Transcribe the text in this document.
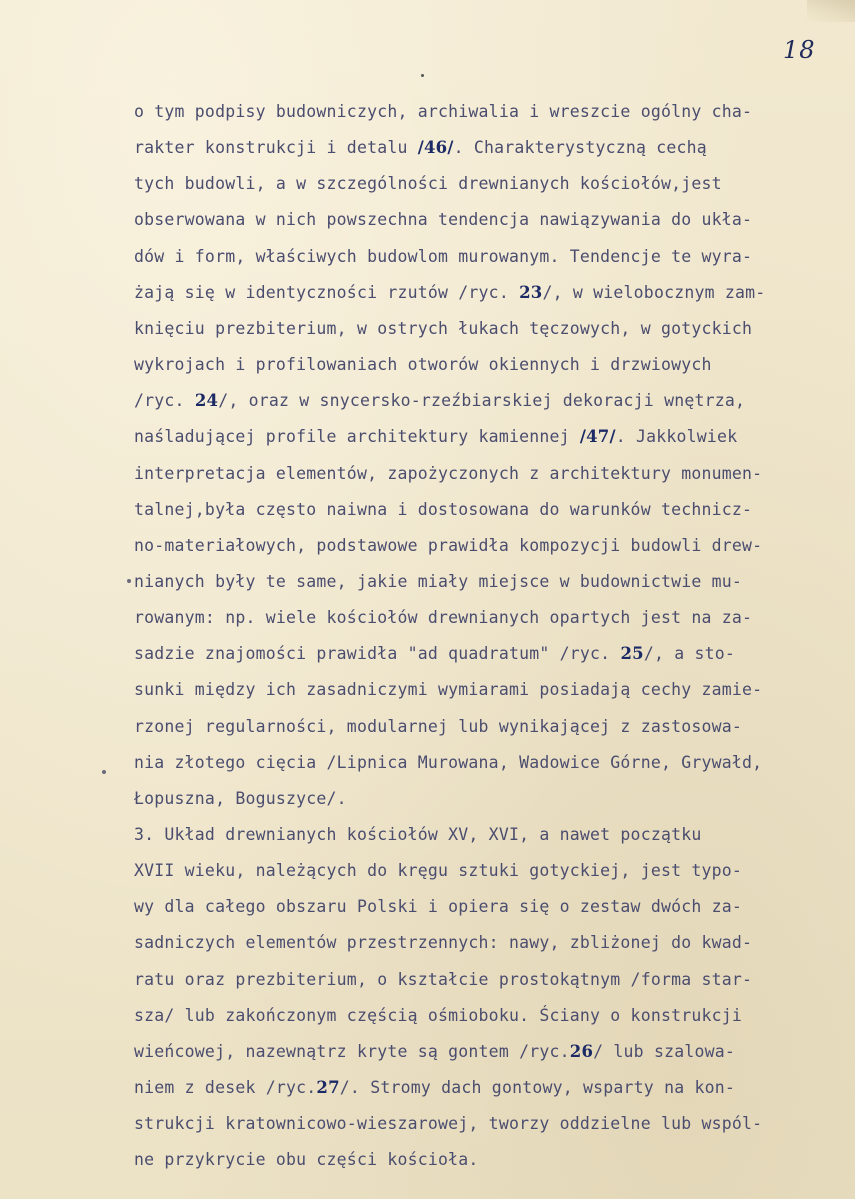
18
o tym podpisy budowniczych, archiwalia i wreszcie ogólny cha-
rakter konstrukcji i detalu /46/. Charakterystyczną cechą
tych budowli, a w szczególności drewnianych kościołów,jest
obserwowana w nich powszechna tendencja nawiązywania do ukła-
dów i form, właściwych budowlom murowanym. Tendencje te wyra-
żają się w identyczności rzutów /ryc. 23/, w wielobocznym zam-
knięciu prezbiterium, w ostrych łukach tęczowych, w gotyckich
wykrojach i profilowaniach otworów okiennych i drzwiowych
/ryc. 24/, oraz w snycersko-rzeźbiarskiej dekoracji wnętrza,
naśladującej profile architektury kamiennej /47/. Jakkolwiek
interpretacja elementów, zapożyczonych z architektury monumen-
talnej,była często naiwna i dostosowana do warunków technicz-
no-materiałowych, podstawowe prawidła kompozycji budowli drew-
nianych były te same, jakie miały miejsce w budownictwie mu-
rowanym: np. wiele kościołów drewnianych opartych jest na za-
sadzie znajomości prawidła "ad quadratum" /ryc. 25/, a sto-
sunki między ich zasadniczymi wymiarami posiadają cechy zamie-
rzonej regularności, modularnej lub wynikającej z zastosowa-
nia złotego cięcia /Lipnica Murowana, Wadowice Górne, Grywałd,
Łopuszna, Boguszyce/.
3. Układ drewnianych kościołów XV, XVI, a nawet początku
XVII wieku, należących do kręgu sztuki gotyckiej, jest typo-
wy dla całego obszaru Polski i opiera się o zestaw dwóch za-
sadniczych elementów przestrzennych: nawy, zbliżonej do kwad-
ratu oraz prezbiterium, o kształcie prostokątnym /forma star-
sza/ lub zakończonym częścią ośmioboku. Ściany o konstrukcji
wieńcowej, nazewnątrz kryte są gontem /ryc.26/ lub szalowa-
niem z desek /ryc.27/. Stromy dach gontowy, wsparty na kon-
strukcji kratownicowo-wieszarowej, tworzy oddzielne lub wspól-
ne przykrycie obu części kościoła.
